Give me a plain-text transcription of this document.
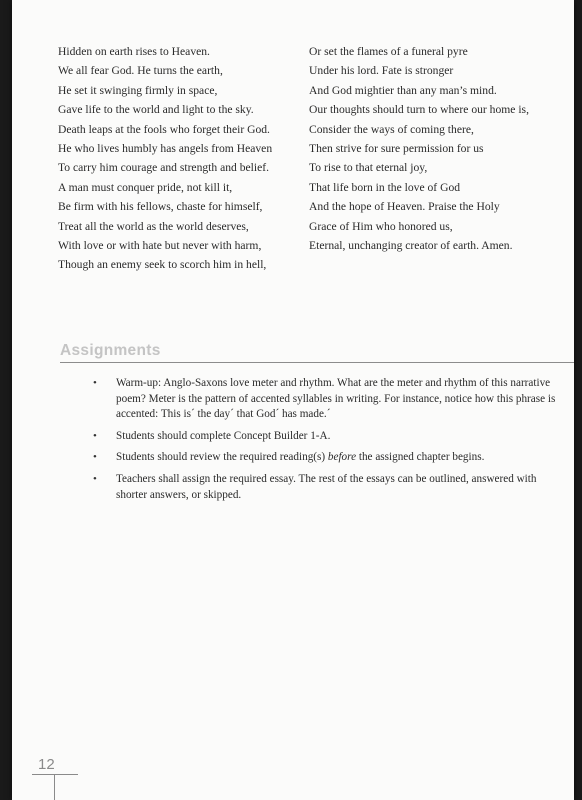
Hidden on earth rises to Heaven.
We all fear God. He turns the earth,
He set it swinging firmly in space,
Gave life to the world and light to the sky.
Death leaps at the fools who forget their God.
He who lives humbly has angels from Heaven
To carry him courage and strength and belief.
A man must conquer pride, not kill it,
Be firm with his fellows, chaste for himself,
Treat all the world as the world deserves,
With love or with hate but never with harm,
Though an enemy seek to scorch him in hell,
Or set the flames of a funeral pyre
Under his lord. Fate is stronger
And God mightier than any man’s mind.
Our thoughts should turn to where our home is,
Consider the ways of coming there,
Then strive for sure permission for us
To rise to that eternal joy,
That life born in the love of God
And the hope of Heaven. Praise the Holy
Grace of Him who honored us,
Eternal, unchanging creator of earth. Amen.
Assignments
• Warm-up: Anglo-Saxons love meter and rhythm. What are the meter and rhythm of this narrative poem? Meter is the pattern of accented syllables in writing. For instance, notice how this phrase is accented: This is´ the day´ that God´ has made.´
• Students should complete Concept Builder 1-A.
• Students should review the required reading(s) before the assigned chapter begins.
• Teachers shall assign the required essay. The rest of the essays can be outlined, answered with shorter answers, or skipped.
12
